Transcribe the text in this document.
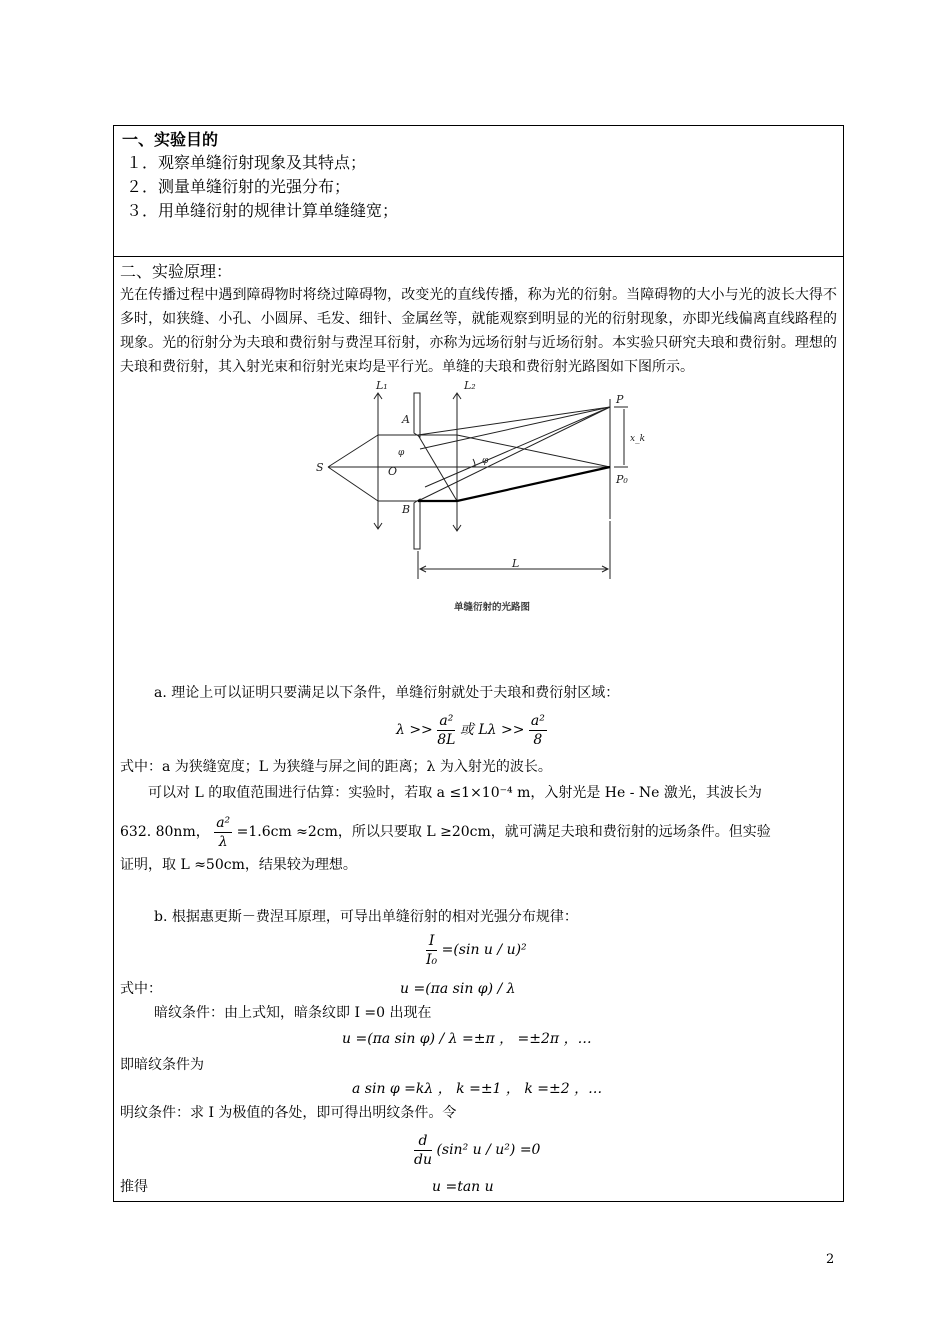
一、实验目的
１．观察单缝衍射现象及其特点；
２．测量单缝衍射的光强分布；
３．用单缝衍射的规律计算单缝缝宽；
二、实验原理：
光在传播过程中遇到障碍物时将绕过障碍物，改变光的直线传播，称为光的衍射。当障碍物的大小与光的波长大得不多时，如狭缝、小孔、小圆屏、毛发、细针、金属丝等，就能观察到明显的光的衍射现象，亦即光线偏离直线路程的现象。光的衍射分为夫琅和费衍射与费涅耳衍射，亦称为远场衍射与近场衍射。本实验只研究夫琅和费衍射。理想的夫琅和费衍射，其入射光束和衍射光束均是平行光。单缝的夫琅和费衍射光路图如下图所示。
L₁	L₂
A
B
S	O
P
P₀
x_k
φ
φ
L
单缝衍射的光路图
a. 理论上可以证明只要满足以下条件，单缝衍射就处于夫琅和费衍射区域：
$\lambda >> \frac{\text{a²}}{8L}$ 或 $L\lambda >> \frac{\text{a²}}{8}$
式中：a 为狭缝宽度；L 为狭缝与屏之间的距离；λ 为入射光的波长。
可以对 L 的取值范围进行估算：实验时，若取 a ≤1×10⁻⁴ m，入射光是 He - Ne 激光，其波长为
632. 80nm， $\frac{\text{a²}}{\lambda} =1.6cm \approx 2cm$，所以只要取 L ≥20cm，就可满足夫琅和费衍射的远场条件。但实验
证明，取 L ≈50cm，结果较为理想。
b. 根据惠更斯－费涅耳原理，可导出单缝衍射的相对光强分布规律：
$\frac{I}{\text{I₀}} =(\sin$ u / u)²
式中：	u =(πa sin φ) / λ
暗纹条件：由上式知，暗条纹即 I =0 出现在
u =(πa sin φ) / λ =±π ， =±2π ，…
即暗纹条件为
a sin φ =kλ ， k =±1 ， k =±2 ，…
明纹条件：求 I 为极值的各处，即可得出明纹条件。令
$\frac{d}{du} (\sin^2$ u / u²) =0
推得	u =tan u
2
